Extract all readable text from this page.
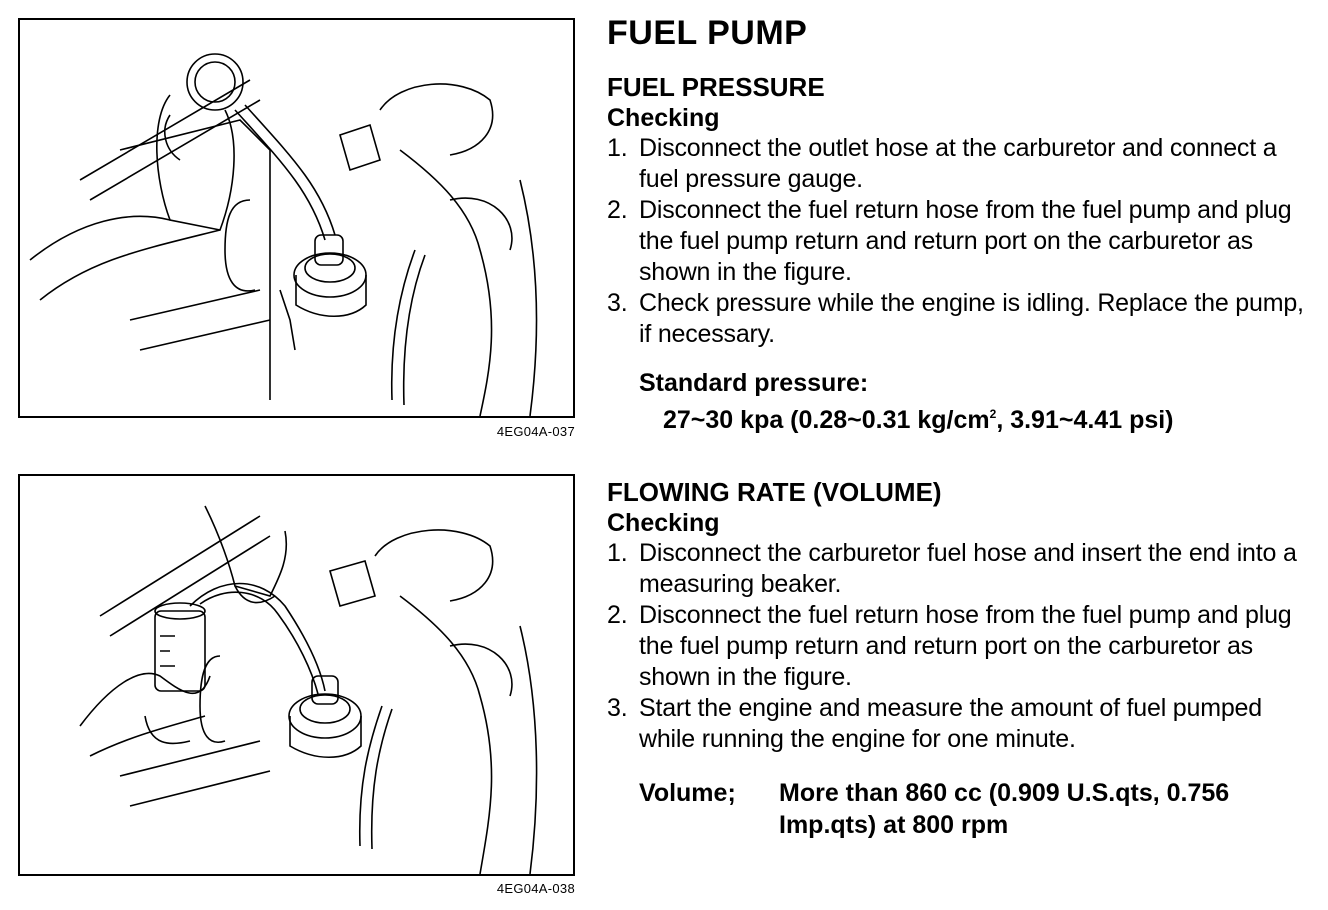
4EG04A-037
4EG04A-038
FUEL PUMP
FUEL PRESSURE
Checking
1. Disconnect the outlet hose at the carburetor and connect a fuel pressure gauge.
2. Disconnect the fuel return hose from the fuel pump and plug the fuel pump return and return port on the carburetor as shown in the figure.
3. Check pressure while the engine is idling. Replace the pump, if necessary.
Standard pressure:
27~30 kpa (0.28~0.31 $kg/cm^2$, 3.91~4.41 psi)
FLOWING RATE (VOLUME)
Checking
1. Disconnect the carburetor fuel hose and insert the end into a measuring beaker.
2. Disconnect the fuel return hose from the fuel pump and plug the fuel pump return and return port on the carburetor as shown in the figure.
3. Start the engine and measure the amount of fuel pumped while running the engine for one minute.
Volume;	More than 860 cc (0.909 U.S.qts, 0.756 Imp.qts) at 800 rpm
